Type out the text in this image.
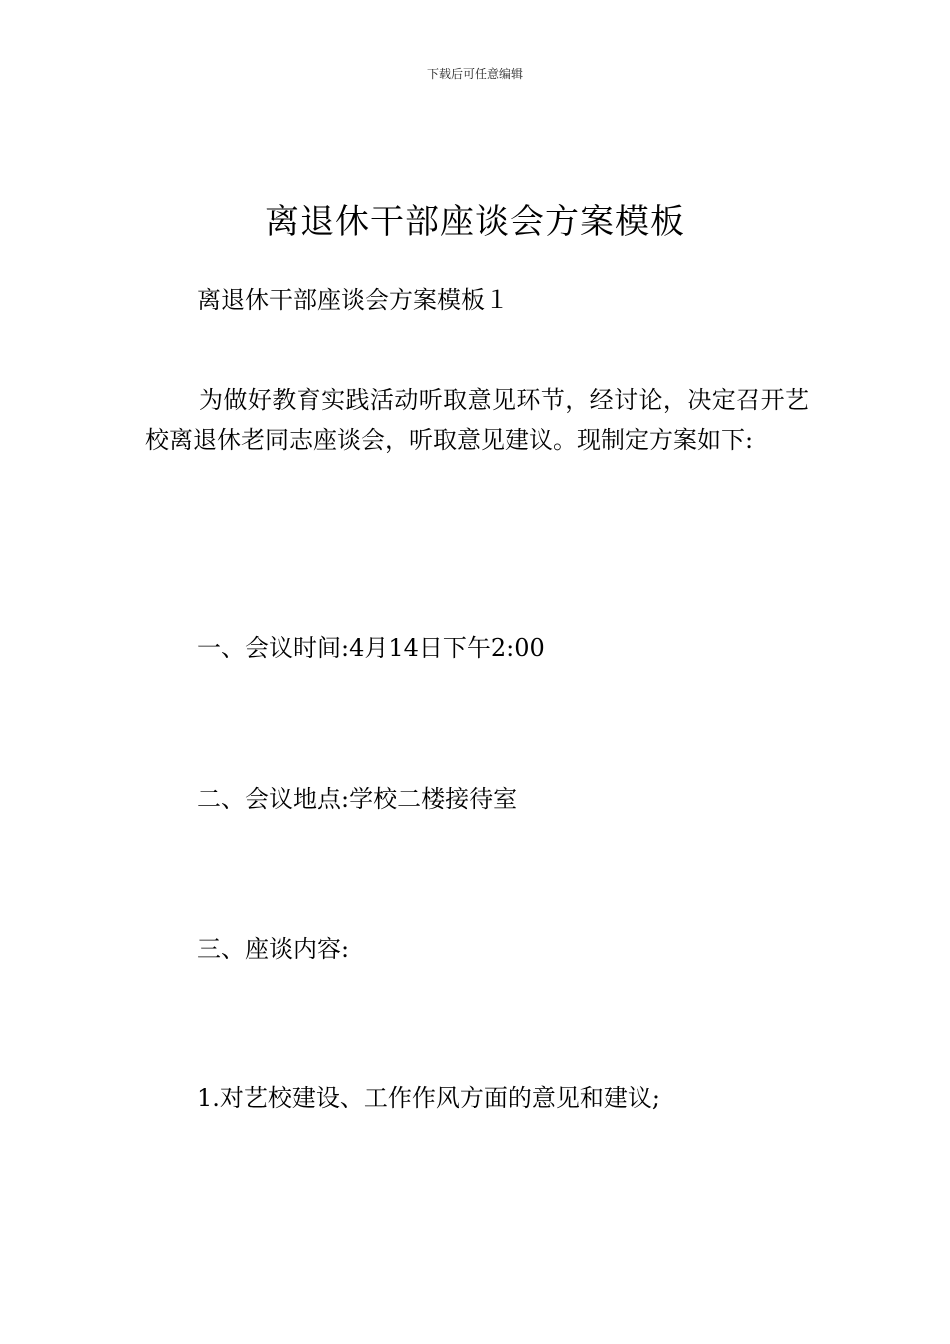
下载后可任意编辑
离退休干部座谈会方案模板
离退休干部座谈会方案模板１

为做好教育实践活动听取意见环节，经讨论，决定召开艺校离退休老同志座谈会，听取意见建议。现制定方案如下:

一、会议时间:4月14日下午2:00
二、会议地点:学校二楼接待室
三、座谈内容:
1.对艺校建设、工作作风方面的意见和建议;
